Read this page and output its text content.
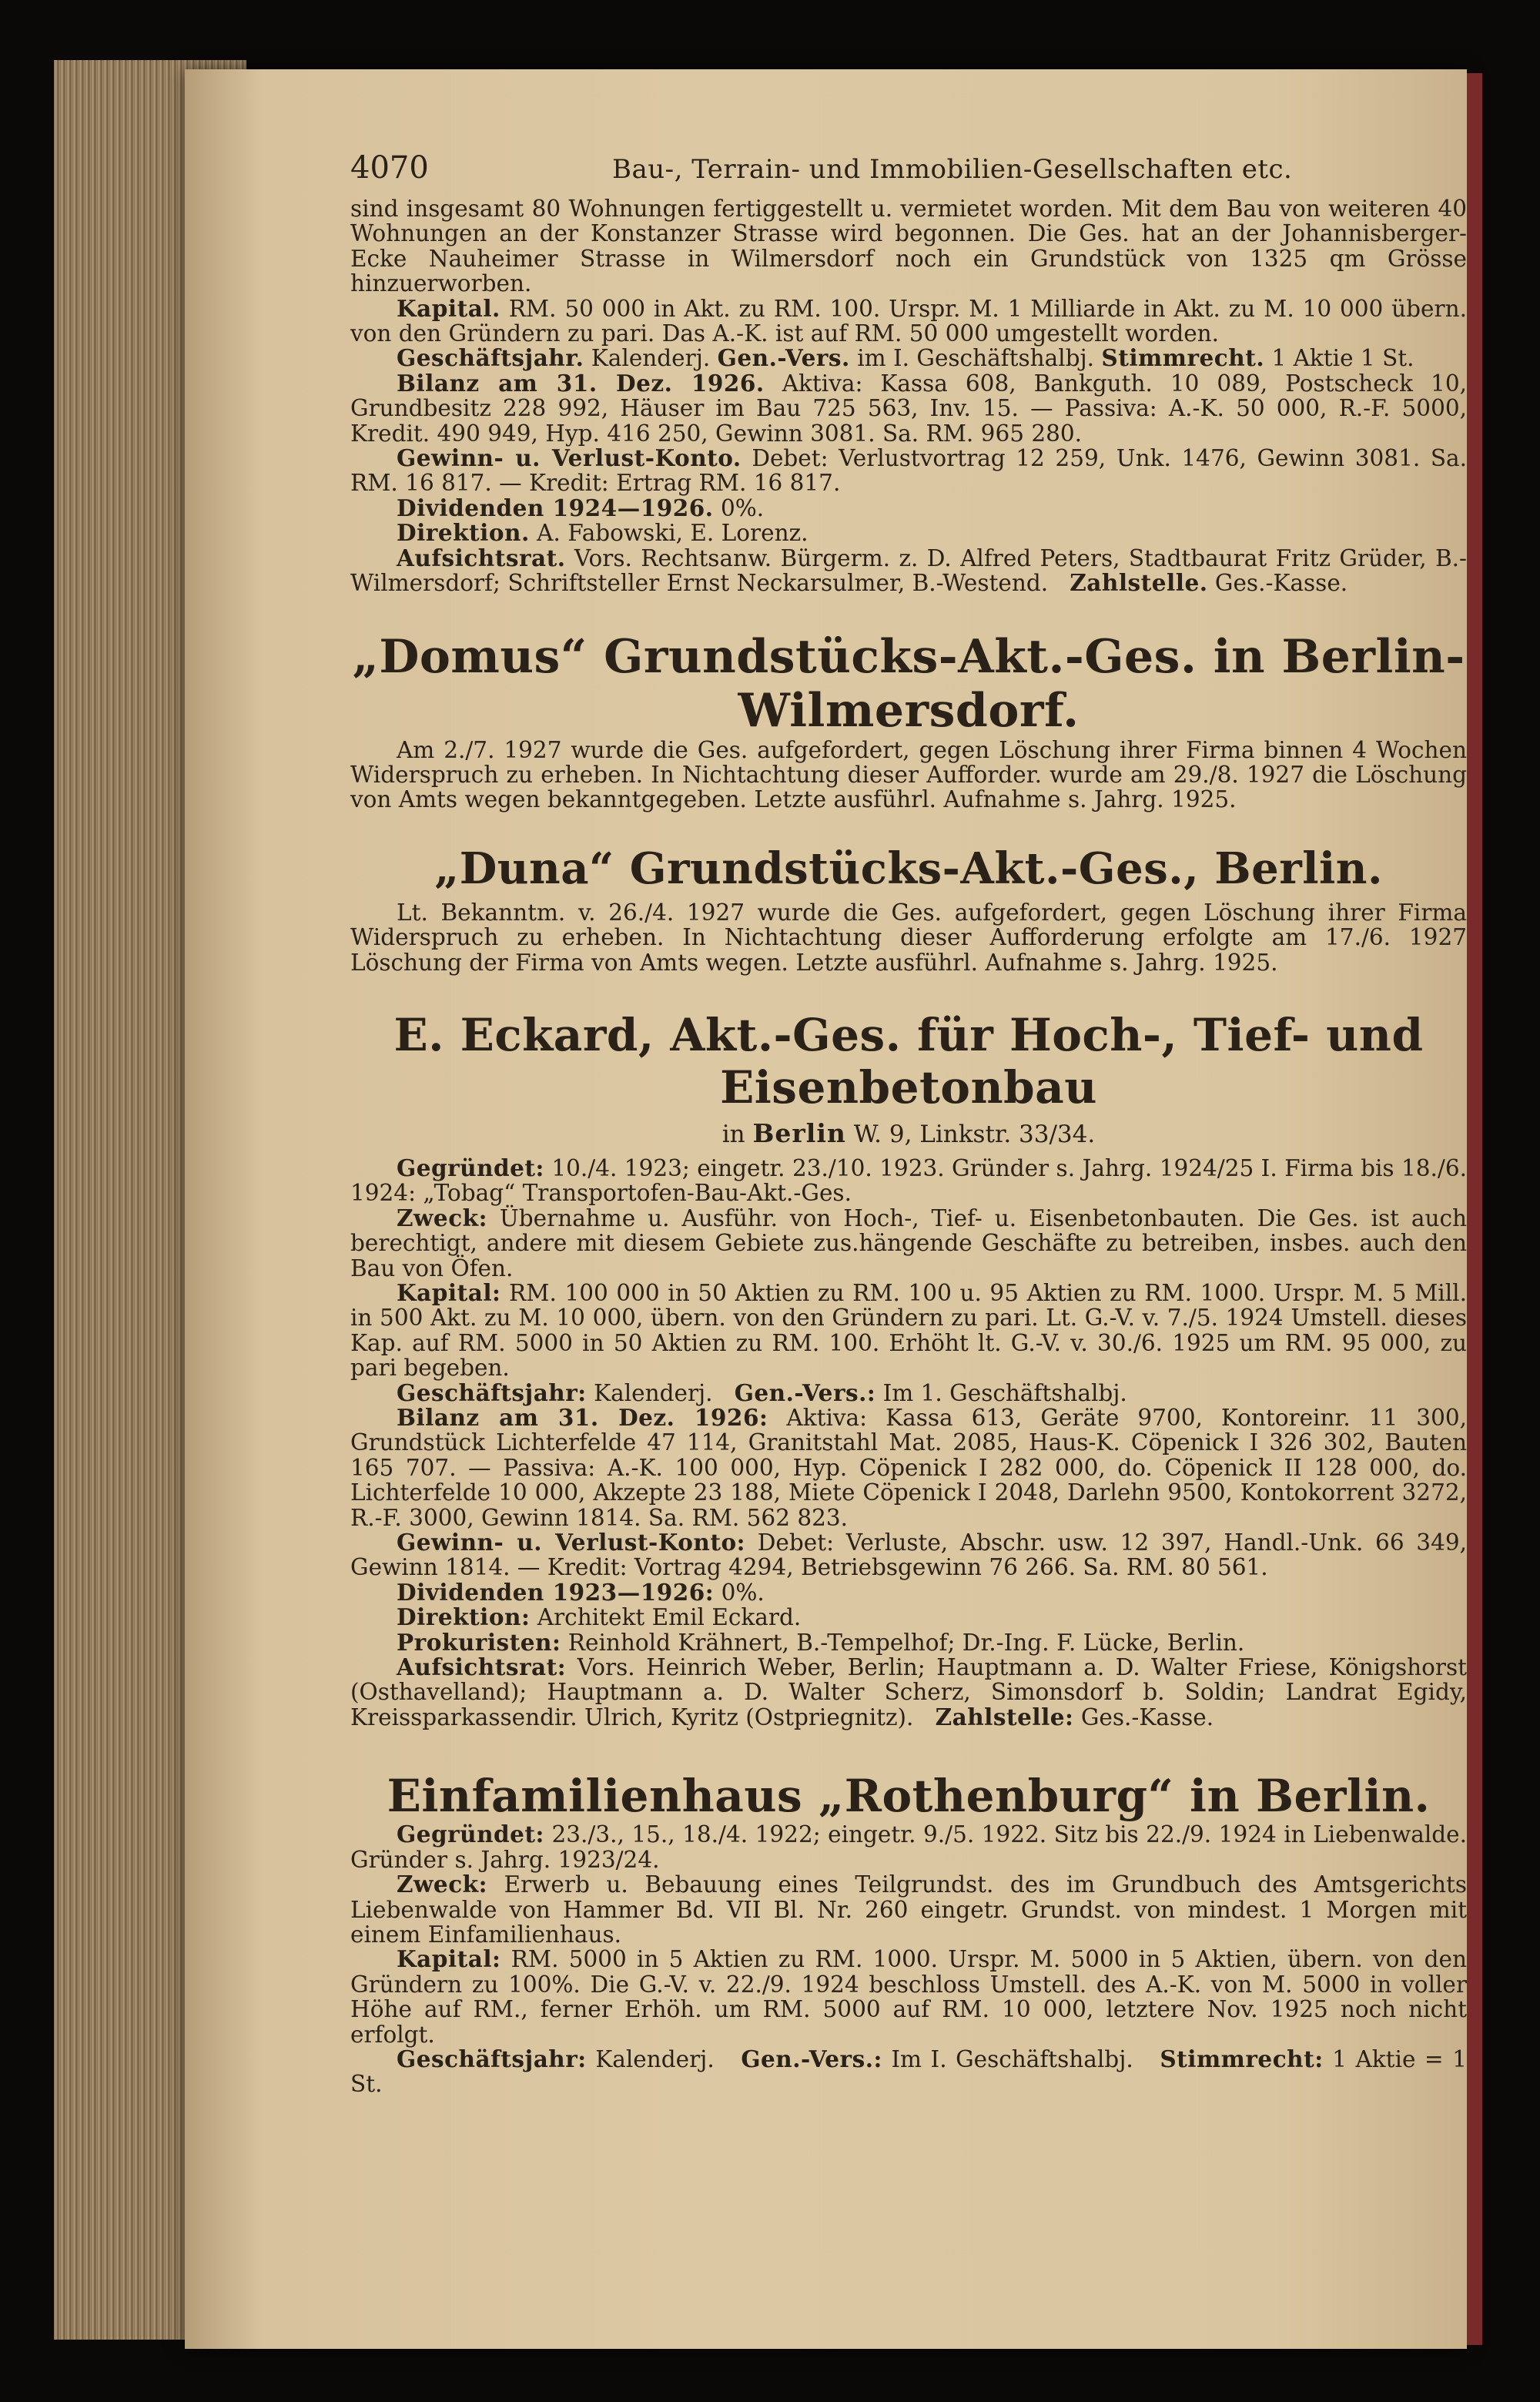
4070	Bau-, Terrain- und Immobilien-Gesellschaften etc.

sind insgesamt 80 Wohnungen fertiggestellt u. vermietet worden. Mit dem Bau von weiteren 40 Wohnungen an der Konstanzer Strasse wird begonnen. Die Ges. hat an der Johannisberger- Ecke Nauheimer Strasse in Wilmersdorf noch ein Grundstück von 1325 qm Grösse hinzuerworben.

Kapital. RM. 50 000 in Akt. zu RM. 100. Urspr. M. 1 Milliarde in Akt. zu M. 10 000 übern. von den Gründern zu pari. Das A.-K. ist auf RM. 50 000 umgestellt worden.

Geschäftsjahr. Kalenderj. Gen.-Vers. im I. Geschäftshalbj. Stimmrecht. 1 Aktie 1 St.

Bilanz am 31. Dez. 1926. Aktiva: Kassa 608, Bankguth. 10 089, Postscheck 10, Grundbesitz 228 992, Häuser im Bau 725 563, Inv. 15. — Passiva: A.-K. 50 000, R.-F. 5000, Kredit. 490 949, Hyp. 416 250, Gewinn 3081. Sa. RM. 965 280.

Gewinn- u. Verlust-Konto. Debet: Verlustvortrag 12 259, Unk. 1476, Gewinn 3081. Sa. RM. 16 817. — Kredit: Ertrag RM. 16 817.

Dividenden 1924—1926. 0%.

Direktion. A. Fabowski, E. Lorenz.

Aufsichtsrat. Vors. Rechtsanw. Bürgerm. z. D. Alfred Peters, Stadtbaurat Fritz Grüder, B.-Wilmersdorf; Schriftsteller Ernst Neckarsulmer, B.-Westend. Zahlstelle. Ges.-Kasse.

„Domus“ Grundstücks-Akt.-Ges. in Berlin-Wilmersdorf.

Am 2./7. 1927 wurde die Ges. aufgefordert, gegen Löschung ihrer Firma binnen 4 Wochen Widerspruch zu erheben. In Nichtachtung dieser Aufforder. wurde am 29./8. 1927 die Löschung von Amts wegen bekanntgegeben. Letzte ausführl. Aufnahme s. Jahrg. 1925.

„Duna“ Grundstücks-Akt.-Ges., Berlin.

Lt. Bekanntm. v. 26./4. 1927 wurde die Ges. aufgefordert, gegen Löschung ihrer Firma Widerspruch zu erheben. In Nichtachtung dieser Aufforderung erfolgte am 17./6. 1927 Löschung der Firma von Amts wegen. Letzte ausführl. Aufnahme s. Jahrg. 1925.

E. Eckard, Akt.-Ges. für Hoch-, Tief- und Eisenbetonbau
in Berlin W. 9, Linkstr. 33/34.

Gegründet: 10./4. 1923; eingetr. 23./10. 1923. Gründer s. Jahrg. 1924/25 I. Firma bis 18./6. 1924: „Tobag“ Transportofen-Bau-Akt.-Ges.

Zweck: Übernahme u. Ausführ. von Hoch-, Tief- u. Eisenbetonbauten. Die Ges. ist auch berechtigt, andere mit diesem Gebiete zus.hängende Geschäfte zu betreiben, insbes. auch den Bau von Öfen.

Kapital: RM. 100 000 in 50 Aktien zu RM. 100 u. 95 Aktien zu RM. 1000. Urspr. M. 5 Mill. in 500 Akt. zu M. 10 000, übern. von den Gründern zu pari. Lt. G.-V. v. 7./5. 1924 Umstell. dieses Kap. auf RM. 5000 in 50 Aktien zu RM. 100. Erhöht lt. G.-V. v. 30./6. 1925 um RM. 95 000, zu pari begeben.

Geschäftsjahr: Kalenderj. Gen.-Vers.: Im 1. Geschäftshalbj.

Bilanz am 31. Dez. 1926: Aktiva: Kassa 613, Geräte 9700, Kontoreinr. 11 300, Grundstück Lichterfelde 47 114, Granitstahl Mat. 2085, Haus-K. Cöpenick I 326 302, Bauten 165 707. — Passiva: A.-K. 100 000, Hyp. Cöpenick I 282 000, do. Cöpenick II 128 000, do. Lichterfelde 10 000, Akzepte 23 188, Miete Cöpenick I 2048, Darlehn 9500, Kontokorrent 3272, R.-F. 3000, Gewinn 1814. Sa. RM. 562 823.

Gewinn- u. Verlust-Konto: Debet: Verluste, Abschr. usw. 12 397, Handl.-Unk. 66 349, Gewinn 1814. — Kredit: Vortrag 4294, Betriebsgewinn 76 266. Sa. RM. 80 561.

Dividenden 1923—1926: 0%.

Direktion: Architekt Emil Eckard.

Prokuristen: Reinhold Krähnert, B.-Tempelhof; Dr.-Ing. F. Lücke, Berlin.

Aufsichtsrat: Vors. Heinrich Weber, Berlin; Hauptmann a. D. Walter Friese, Königshorst (Osthavelland); Hauptmann a. D. Walter Scherz, Simonsdorf b. Soldin; Landrat Egidy, Kreissparkassendir. Ulrich, Kyritz (Ostpriegnitz). Zahlstelle: Ges.-Kasse.

Einfamilienhaus „Rothenburg“ in Berlin.

Gegründet: 23./3., 15., 18./4. 1922; eingetr. 9./5. 1922. Sitz bis 22./9. 1924 in Liebenwalde. Gründer s. Jahrg. 1923/24.

Zweck: Erwerb u. Bebauung eines Teilgrundst. des im Grundbuch des Amtsgerichts Liebenwalde von Hammer Bd. VII Bl. Nr. 260 eingetr. Grundst. von mindest. 1 Morgen mit einem Einfamilienhaus.

Kapital: RM. 5000 in 5 Aktien zu RM. 1000. Urspr. M. 5000 in 5 Aktien, übern. von den Gründern zu 100%. Die G.-V. v. 22./9. 1924 beschloss Umstell. des A.-K. von M. 5000 in voller Höhe auf RM., ferner Erhöh. um RM. 5000 auf RM. 10 000, letztere Nov. 1925 noch nicht erfolgt.

Geschäftsjahr: Kalenderj. Gen.-Vers.: Im I. Geschäftshalbj. Stimmrecht: 1 Aktie = 1 St.
